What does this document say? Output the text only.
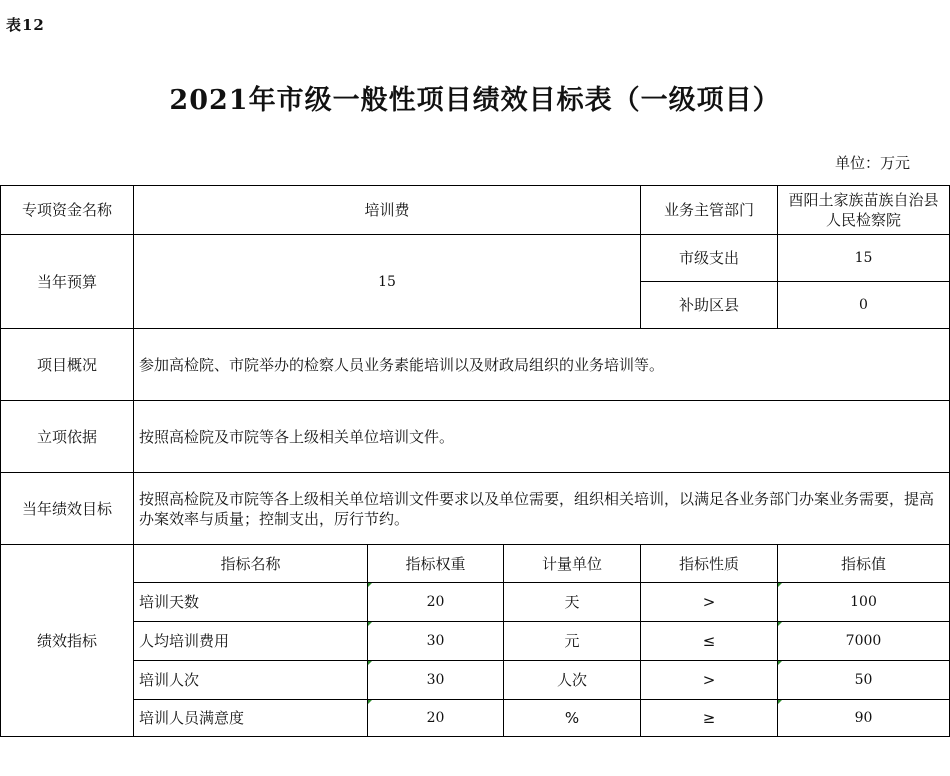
表12
2021年市级一般性项目绩效目标表（一级项目）
单位：万元
专项资金名称	培训费			业务主管部门	酉阳土家族苗族自治县人民检察院
当年预算	15			市级支出	15
				补助区县	0
项目概况	参加高检院、市院举办的检察人员业务素能培训以及财政局组织的业务培训等。				
立项依据	按照高检院及市院等各上级相关单位培训文件。				
当年绩效目标	按照高检院及市院等各上级相关单位培训文件要求以及单位需要，组织相关培训，以满足各业务部门办案业务需要，提高办案效率与质量；控制支出，厉行节约。				
绩效指标	指标名称	指标权重	计量单位	指标性质	指标值
	培训天数	20	天	>	100
	人均培训费用	30	元	≤	7000
	培训人次	30	人次	>	50
	培训人员满意度	20	%	≥	90
